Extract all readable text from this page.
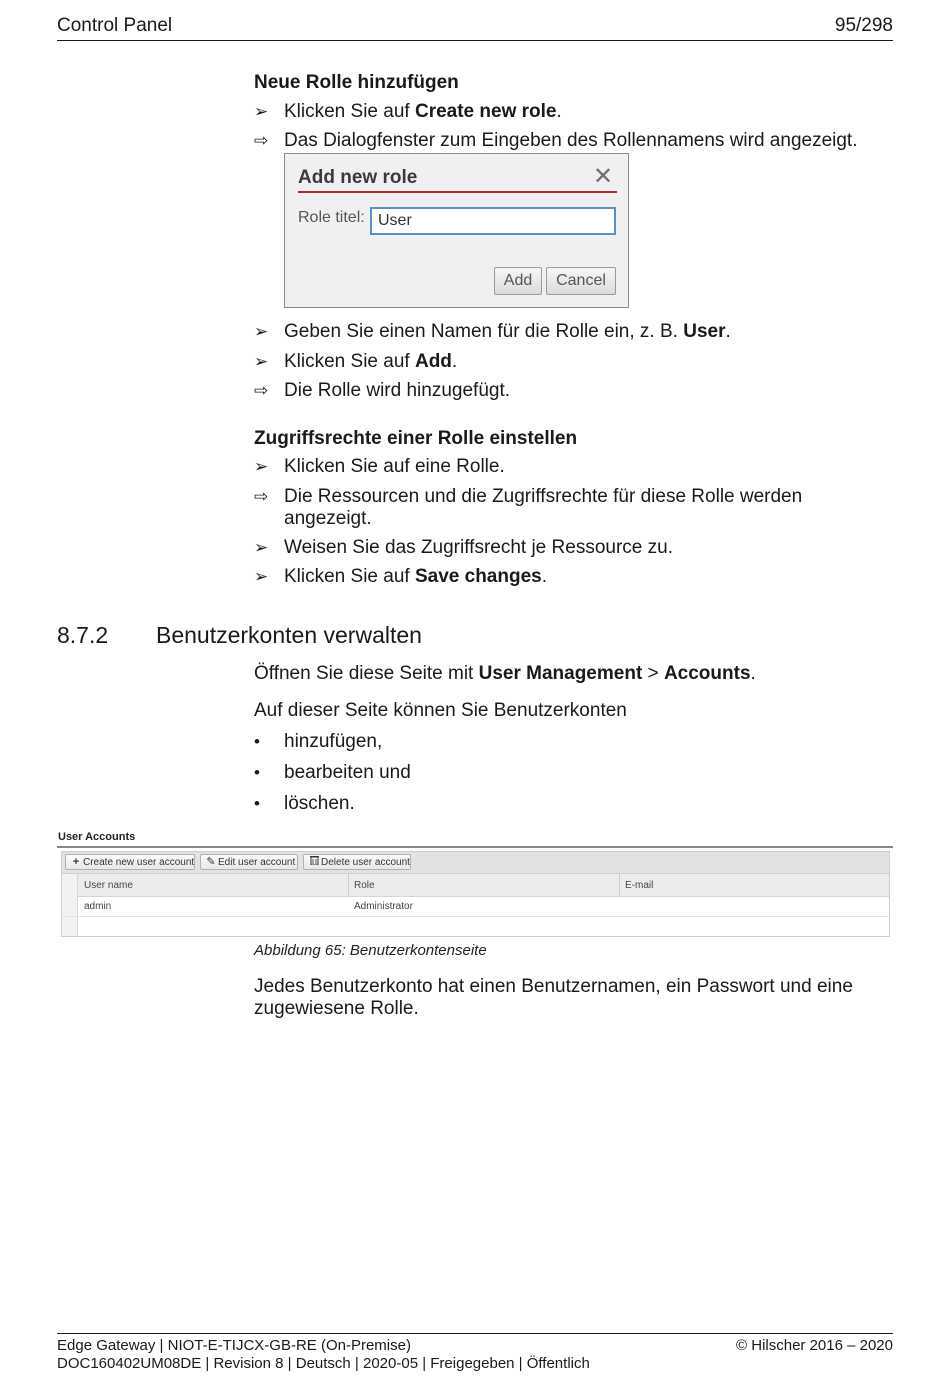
Control Panel	95/298
Neue Rolle hinzufügen
➢ Klicken Sie auf Create new role.
⇨ Das Dialogfenster zum Eingeben des Rollennamens wird angezeigt.
Add new role	✕
Role titel:
User
Add	Cancel
➢ Geben Sie einen Namen für die Rolle ein, z. B. User.
➢ Klicken Sie auf Add.
⇨ Die Rolle wird hinzugefügt.
Zugriffsrechte einer Rolle einstellen
➢ Klicken Sie auf eine Rolle.
⇨ Die Ressourcen und die Zugriffsrechte für diese Rolle werden
angezeigt.
➢ Weisen Sie das Zugriffsrecht je Ressource zu.
➢ Klicken Sie auf Save changes.
8.7.2 Benutzerkonten verwalten
Öffnen Sie diese Seite mit User Management > Accounts.
Auf dieser Seite können Sie Benutzerkonten
•	hinzufügen,
•	bearbeiten und
•	löschen.
User Accounts
+ Create new user account	✎ Edit user account	Delete user account
User name	Role	E-mail
admin	Administrator
Abbildung 65: Benutzerkontenseite
Jedes Benutzerkonto hat einen Benutzernamen, ein Passwort und eine
zugewiesene Rolle.
Edge Gateway | NIOT-E-TIJCX-GB-RE (On-Premise)
DOC160402UM08DE | Revision 8 | Deutsch | 2020-05 | Freigegeben | Öffentlich
© Hilscher 2016 – 2020
